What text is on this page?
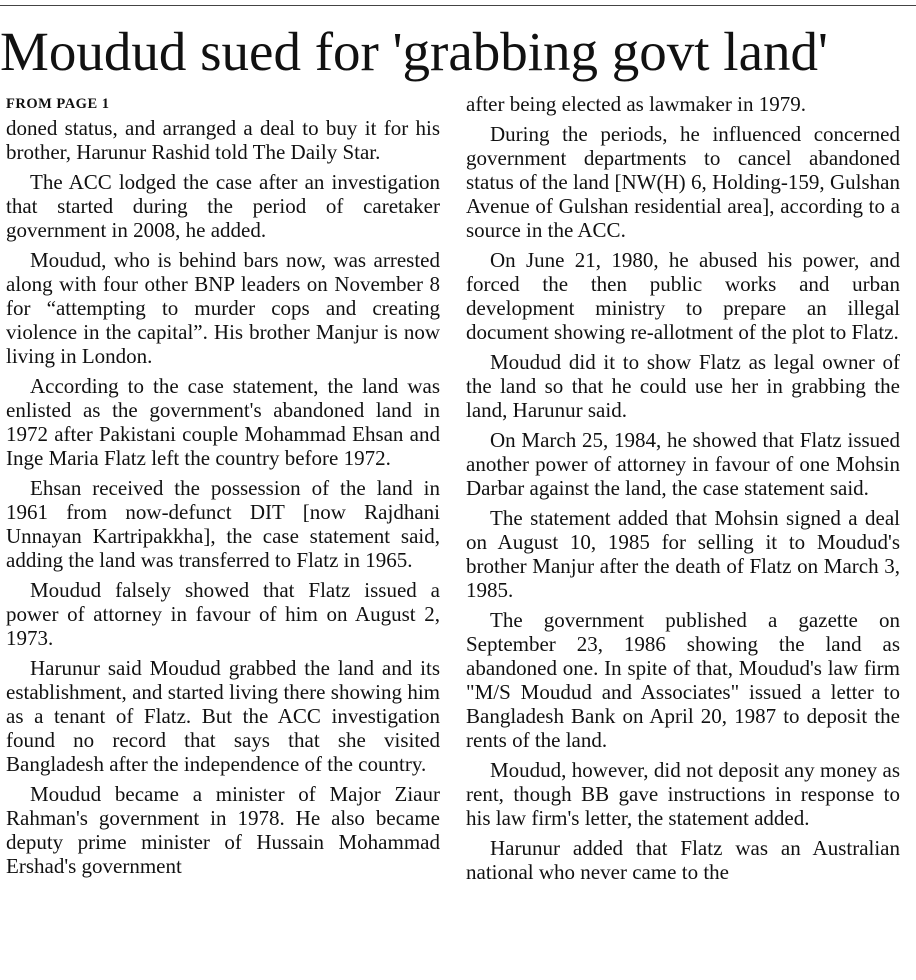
Moudud sued for 'grabbing govt land'
FROM PAGE 1

doned status, and arranged a deal to buy it for his brother, Harunur Rashid told The Daily Star.

The ACC lodged the case after an investigation that started during the period of caretaker government in 2008, he added.

Moudud, who is behind bars now, was arrested along with four other BNP leaders on November 8 for “attempting to murder cops and creating violence in the capital”. His brother Manjur is now living in London.

According to the case statement, the land was enlisted as the government's abandoned land in 1972 after Pakistani couple Mohammad Ehsan and Inge Maria Flatz left the country before 1972.

Ehsan received the possession of the land in 1961 from now-defunct DIT [now Rajdhani Unnayan Kartripakkha], the case statement said, adding the land was transferred to Flatz in 1965.

Moudud falsely showed that Flatz issued a power of attorney in favour of him on August 2, 1973.

Harunur said Moudud grabbed the land and its establishment, and started living there showing him as a tenant of Flatz. But the ACC investigation found no record that says that she visited Bangladesh after the independence of the country.

Moudud became a minister of Major Ziaur Rahman's government in 1978. He also became deputy prime minister of Hussain Mohammad Ershad's government

after being elected as lawmaker in 1979.

During the periods, he influenced concerned government departments to cancel abandoned status of the land [NW(H) 6, Holding-159, Gulshan Avenue of Gulshan residential area], according to a source in the ACC.

On June 21, 1980, he abused his power, and forced the then public works and urban development ministry to prepare an illegal document showing re-allotment of the plot to Flatz.

Moudud did it to show Flatz as legal owner of the land so that he could use her in grabbing the land, Harunur said.

On March 25, 1984, he showed that Flatz issued another power of attorney in favour of one Mohsin Darbar against the land, the case statement said.

The statement added that Mohsin signed a deal on August 10, 1985 for selling it to Moudud's brother Manjur after the death of Flatz on March 3, 1985.

The government published a gazette on September 23, 1986 showing the land as abandoned one. In spite of that, Moudud's law firm "M/S Moudud and Associates" issued a letter to Bangladesh Bank on April 20, 1987 to deposit the rents of the land.

Moudud, however, did not deposit any money as rent, though BB gave instructions in response to his law firm's letter, the statement added.

Harunur added that Flatz was an Australian national who never came to the
